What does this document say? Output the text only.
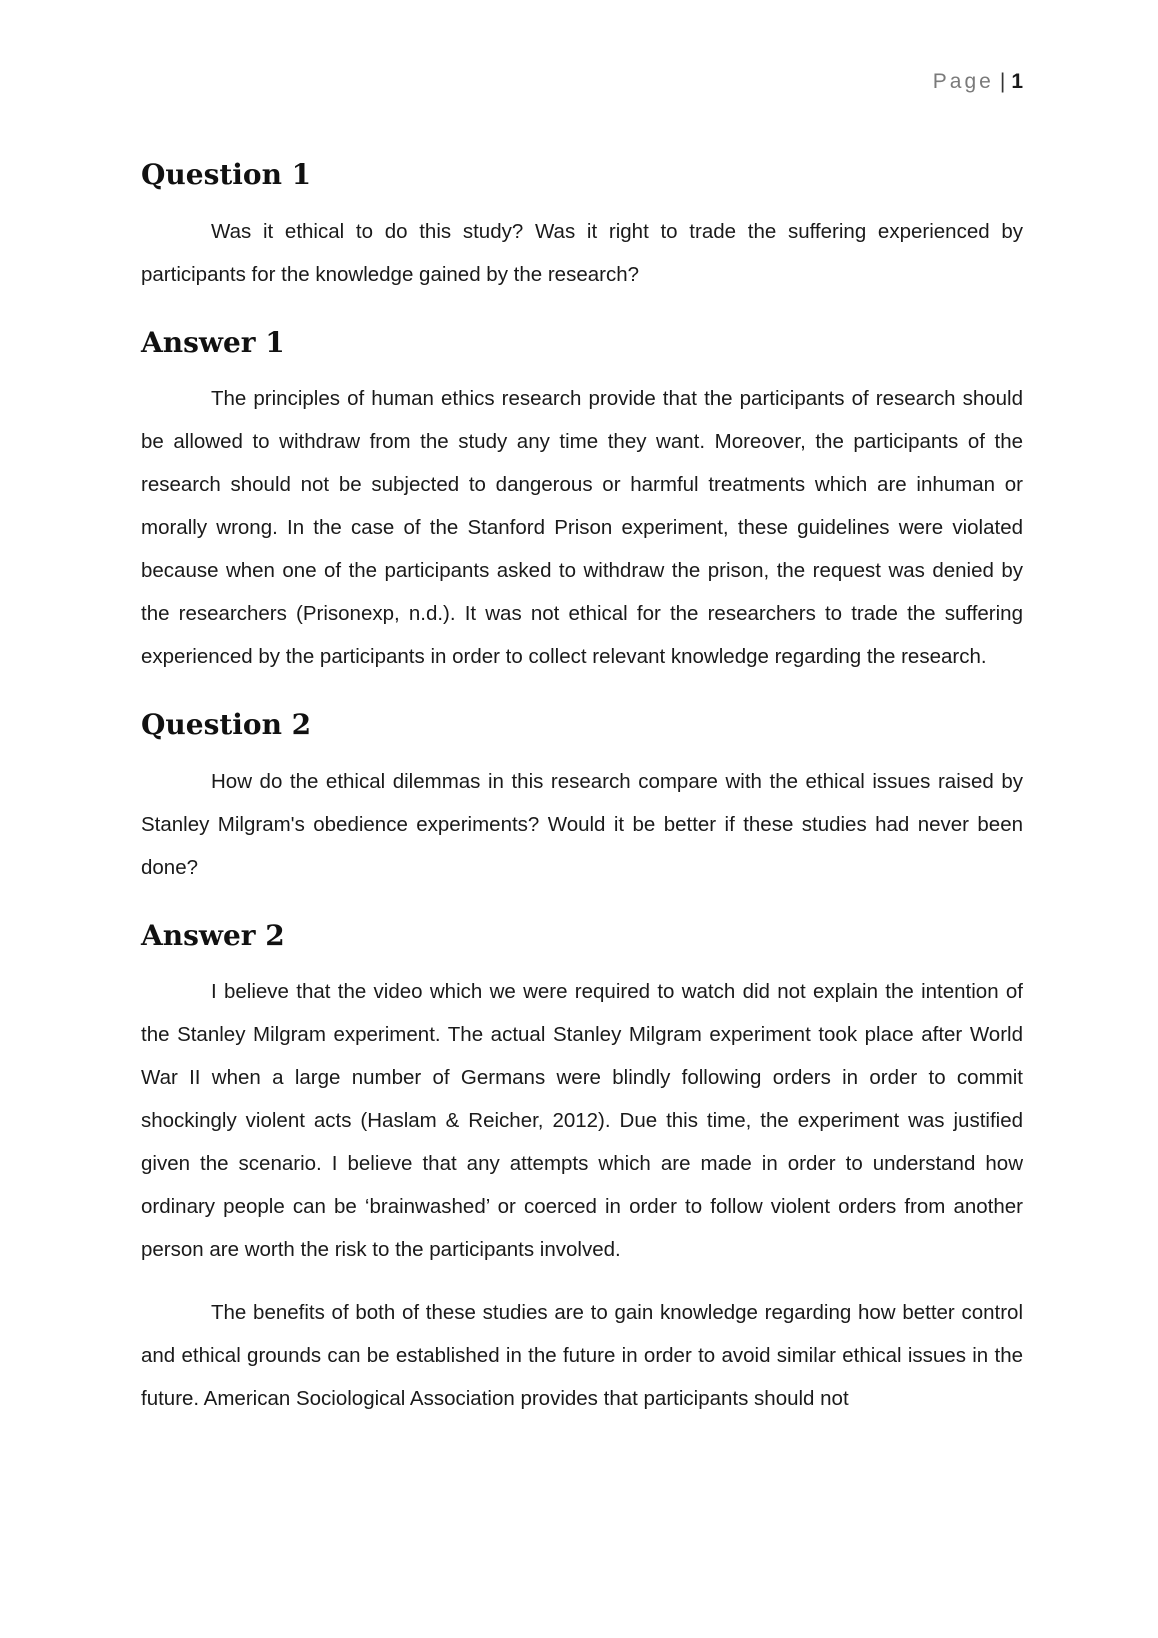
Page | 1
Question 1

Was it ethical to do this study? Was it right to trade the suffering experienced by participants for the knowledge gained by the research?

Answer 1

The principles of human ethics research provide that the participants of research should be allowed to withdraw from the study any time they want. Moreover, the participants of the research should not be subjected to dangerous or harmful treatments which are inhuman or morally wrong. In the case of the Stanford Prison experiment, these guidelines were violated because when one of the participants asked to withdraw the prison, the request was denied by the researchers (Prisonexp, n.d.). It was not ethical for the researchers to trade the suffering experienced by the participants in order to collect relevant knowledge regarding the research.

Question 2

How do the ethical dilemmas in this research compare with the ethical issues raised by Stanley Milgram's obedience experiments? Would it be better if these studies had never been done?

Answer 2

I believe that the video which we were required to watch did not explain the intention of the Stanley Milgram experiment. The actual Stanley Milgram experiment took place after World War II when a large number of Germans were blindly following orders in order to commit shockingly violent acts (Haslam & Reicher, 2012). Due this time, the experiment was justified given the scenario. I believe that any attempts which are made in order to understand how ordinary people can be ‘brainwashed’ or coerced in order to follow violent orders from another person are worth the risk to the participants involved.

The benefits of both of these studies are to gain knowledge regarding how better control and ethical grounds can be established in the future in order to avoid similar ethical issues in the future. American Sociological Association provides that participants should not
